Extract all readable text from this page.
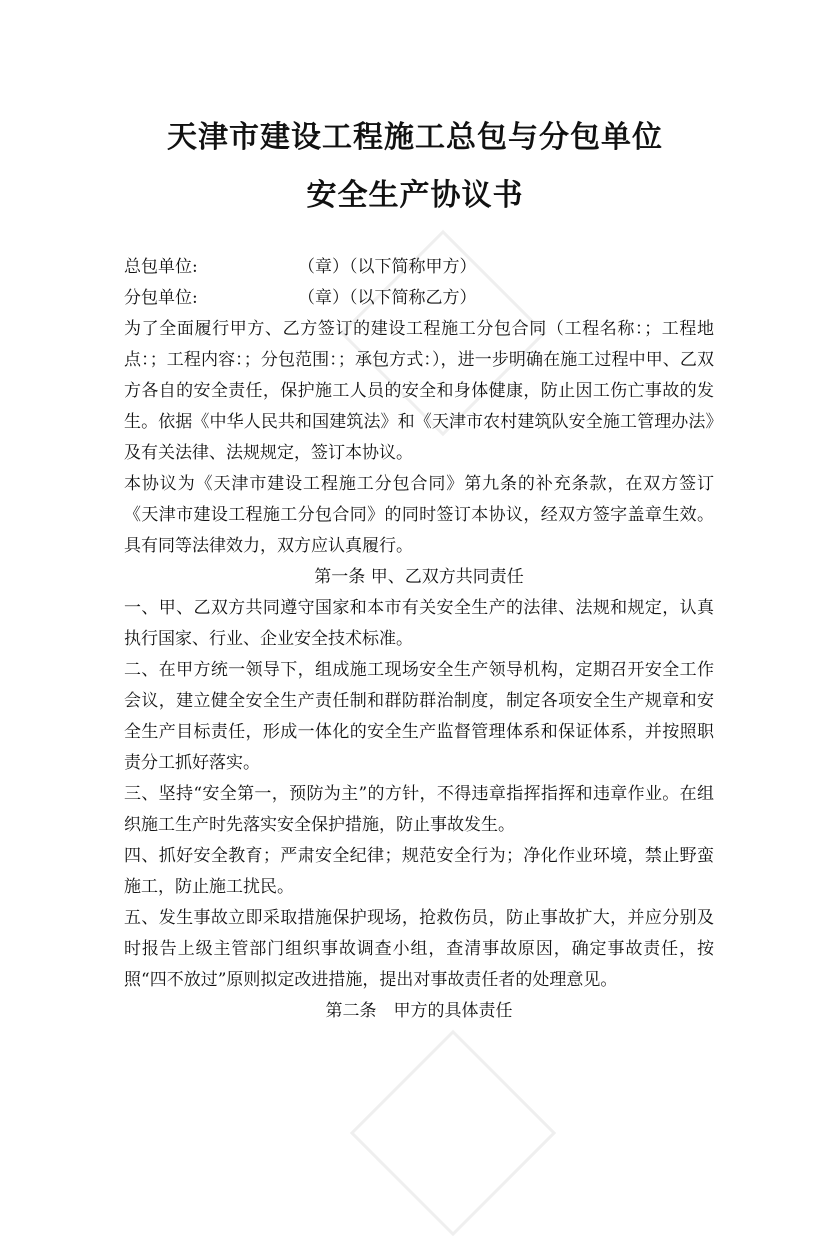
天津市建设工程施工总包与分包单位
安全生产协议书

总包单位:	（章）（以下简称甲方）

分包单位:	（章）（以下简称乙方）

为了全面履行甲方、乙方签订的建设工程施工分包合同（工程名称：；工程地点：；工程内容：；分包范围：；承包方式：），进一步明确在施工过程中甲、乙双方各自的安全责任，保护施工人员的安全和身体健康，防止因工伤亡事故的发生。依据《中华人民共和国建筑法》和《天津市农村建筑队安全施工管理办法》及有关法律、法规规定，签订本协议。

本协议为《天津市建设工程施工分包合同》第九条的补充条款，在双方签订《天津市建设工程施工分包合同》的同时签订本协议，经双方签字盖章生效。具有同等法律效力，双方应认真履行。

第一条 甲、乙双方共同责任

一、甲、乙双方共同遵守国家和本市有关安全生产的法律、法规和规定，认真执行国家、行业、企业安全技术标准。

二、在甲方统一领导下，组成施工现场安全生产领导机构，定期召开安全工作会议，建立健全安全生产责任制和群防群治制度，制定各项安全生产规章和安全生产目标责任，形成一体化的安全生产监督管理体系和保证体系，并按照职责分工抓好落实。

三、坚持“安全第一，预防为主”的方针，不得违章指挥指挥和违章作业。在组织施工生产时先落实安全保护措施，防止事故发生。

四、抓好安全教育；严肃安全纪律；规范安全行为；净化作业环境，禁止野蛮施工，防止施工扰民。

五、发生事故立即采取措施保护现场，抢救伤员，防止事故扩大，并应分别及时报告上级主管部门组织事故调查小组，查清事故原因，确定事故责任，按照“四不放过”原则拟定改进措施，提出对事故责任者的处理意见。

第二条　甲方的具体责任
